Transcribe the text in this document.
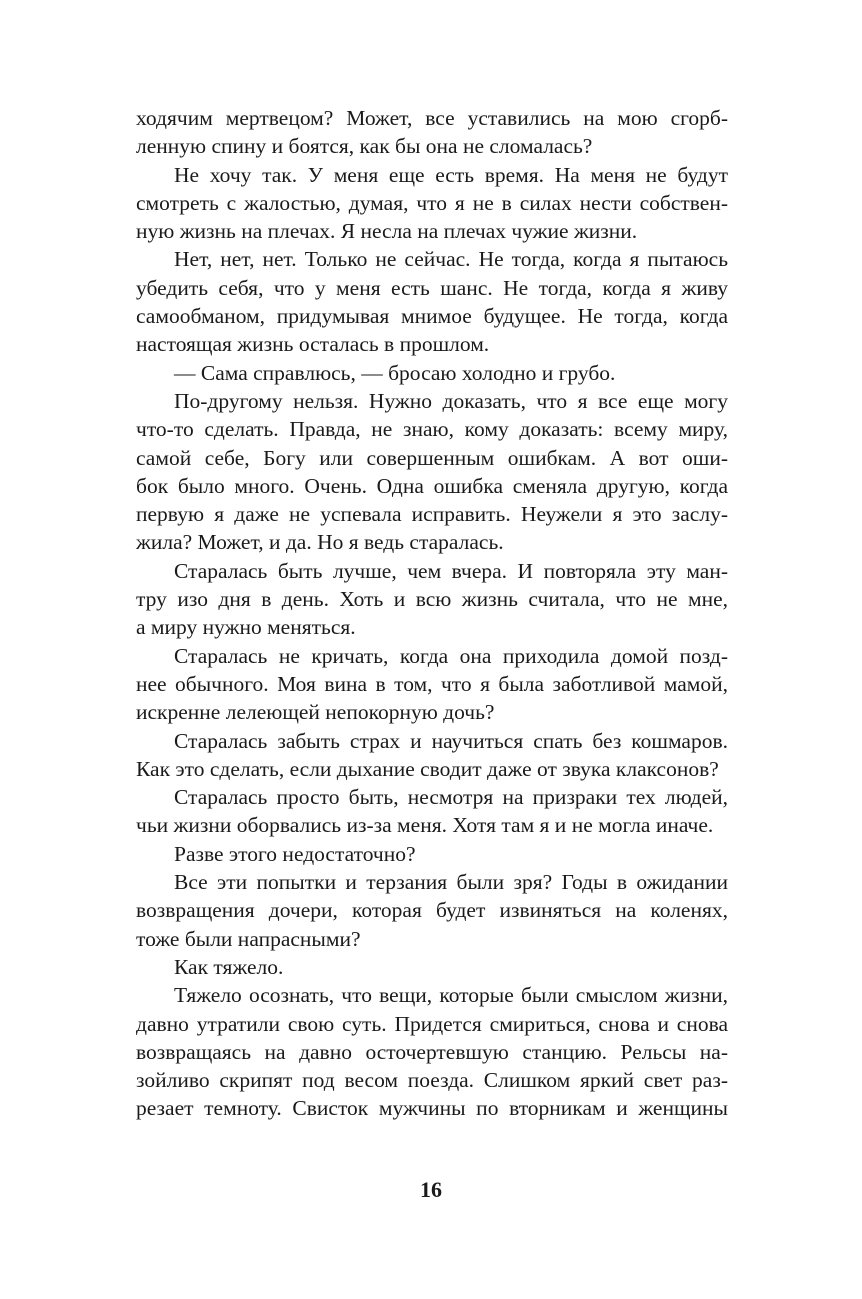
ходячим мертвецом? Может, все уставились на мою сгорб-
ленную спину и боятся, как бы она не сломалась?
Не хочу так. У меня еще есть время. На меня не будут
смотреть с жалостью, думая, что я не в силах нести собствен-
ную жизнь на плечах. Я несла на плечах чужие жизни.
Нет, нет, нет. Только не сейчас. Не тогда, когда я пытаюсь
убедить себя, что у меня есть шанс. Не тогда, когда я живу
самообманом, придумывая мнимое будущее. Не тогда, когда
настоящая жизнь осталась в прошлом.
— Сама справлюсь, — бросаю холодно и грубо.
По-другому нельзя. Нужно доказать, что я все еще могу
что-то сделать. Правда, не знаю, кому доказать: всему миру,
самой себе, Богу или совершенным ошибкам. А вот оши-
бок было много. Очень. Одна ошибка сменяла другую, когда
первую я даже не успевала исправить. Неужели я это заслу-
жила? Может, и да. Но я ведь старалась.
Старалась быть лучше, чем вчера. И повторяла эту ман-
тру изо дня в день. Хоть и всю жизнь считала, что не мне,
а миру нужно меняться.
Старалась не кричать, когда она приходила домой позд-
нее обычного. Моя вина в том, что я была заботливой мамой,
искренне лелеющей непокорную дочь?
Старалась забыть страх и научиться спать без кошмаров.
Как это сделать, если дыхание сводит даже от звука клаксонов?
Старалась просто быть, несмотря на призраки тех людей,
чьи жизни оборвались из-за меня. Хотя там я и не могла иначе.
Разве этого недостаточно?
Все эти попытки и терзания были зря? Годы в ожидании
возвращения дочери, которая будет извиняться на коленях,
тоже были напрасными?
Как тяжело.
Тяжело осознать, что вещи, которые были смыслом жизни,
давно утратили свою суть. Придется смириться, снова и снова
возвращаясь на давно осточертевшую станцию. Рельсы на-
зойливо скрипят под весом поезда. Слишком яркий свет раз-
резает темноту. Свисток мужчины по вторникам и женщины
16
